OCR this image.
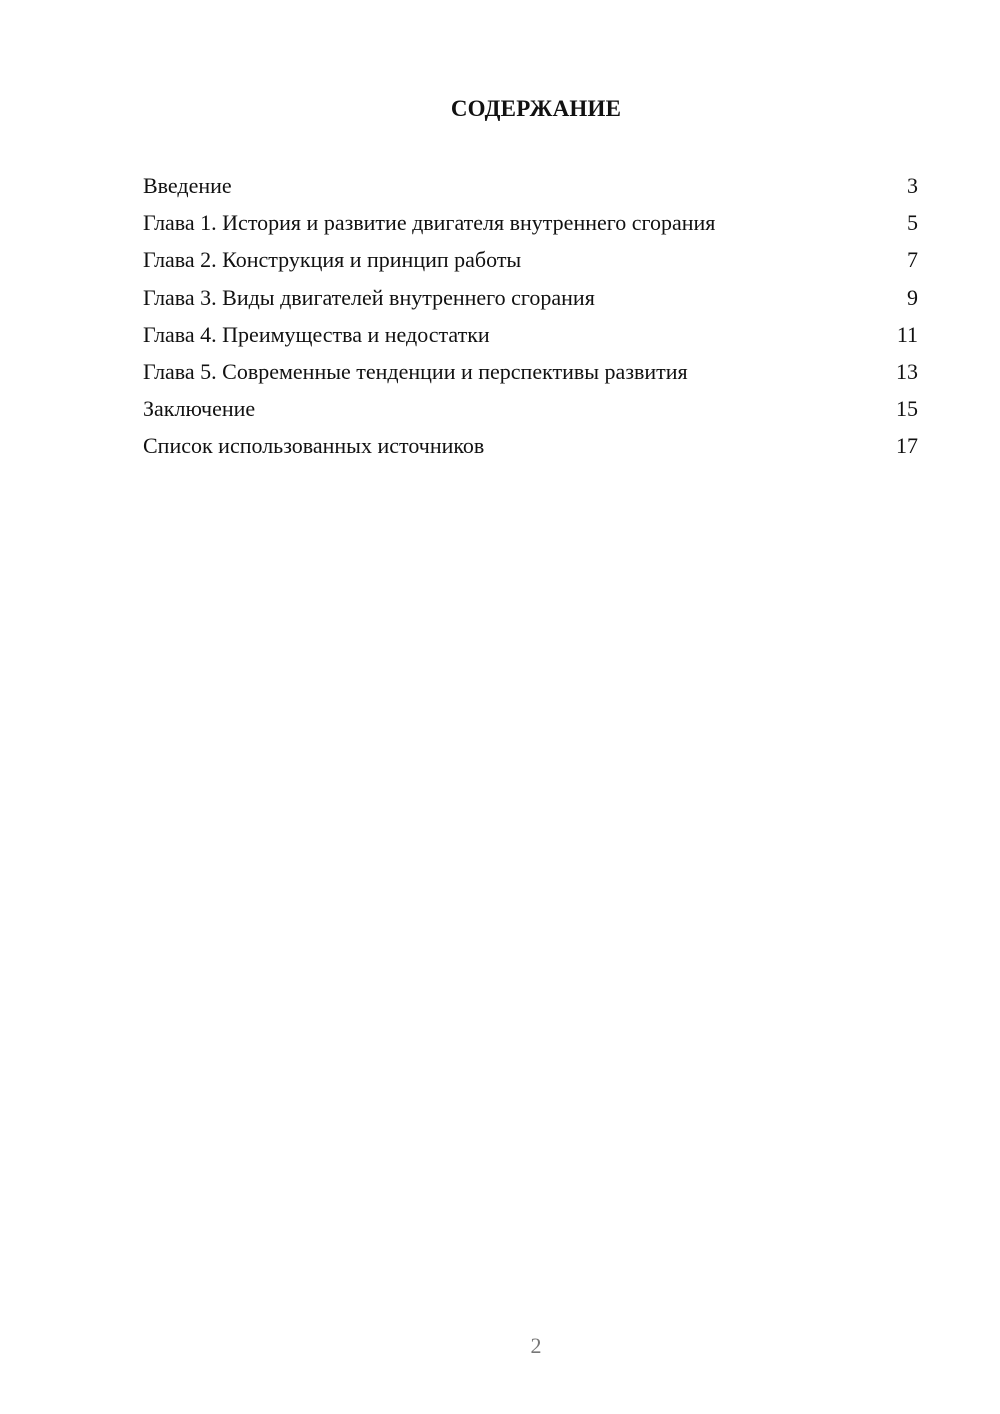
СОДЕРЖАНИЕ
Введение	3
Глава 1. История и развитие двигателя внутреннего сгорания	5
Глава 2. Конструкция и принцип работы	7
Глава 3. Виды двигателей внутреннего сгорания	9
Глава 4. Преимущества и недостатки	11
Глава 5. Современные тенденции и перспективы развития	13
Заключение	15
Список использованных источников	17
2
